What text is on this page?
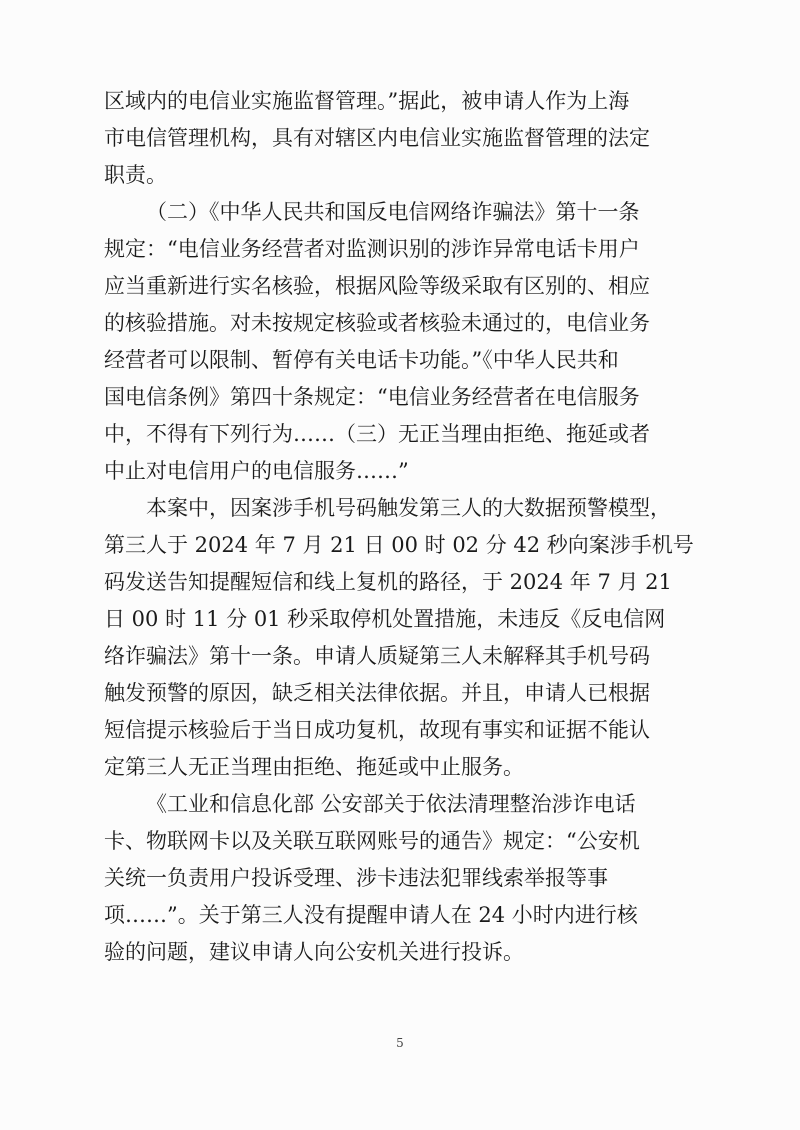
区域内的电信业实施监督管理。”据此，被申请人作为上海
市电信管理机构，具有对辖区内电信业实施监督管理的法定
职责。
（二）《中华人民共和国反电信网络诈骗法》第十一条
规定：“电信业务经营者对监测识别的涉诈异常电话卡用户
应当重新进行实名核验，根据风险等级采取有区别的、相应
的核验措施。对未按规定核验或者核验未通过的，电信业务
经营者可以限制、暂停有关电话卡功能。”《中华人民共和
国电信条例》第四十条规定：“电信业务经营者在电信服务
中，不得有下列行为……（三）无正当理由拒绝、拖延或者
中止对电信用户的电信服务……”
本案中，因案涉手机号码触发第三人的大数据预警模型，
第三人于 2024 年 7 月 21 日 00 时 02 分 42 秒向案涉手机号
码发送告知提醒短信和线上复机的路径，于 2024 年 7 月 21
日 00 时 11 分 01 秒采取停机处置措施，未违反《反电信网
络诈骗法》第十一条。申请人质疑第三人未解释其手机号码
触发预警的原因，缺乏相关法律依据。并且，申请人已根据
短信提示核验后于当日成功复机，故现有事实和证据不能认
定第三人无正当理由拒绝、拖延或中止服务。
《工业和信息化部 公安部关于依法清理整治涉诈电话
卡、物联网卡以及关联互联网账号的通告》规定：“公安机
关统一负责用户投诉受理、涉卡违法犯罪线索举报等事
项……”。关于第三人没有提醒申请人在 24 小时内进行核
验的问题，建议申请人向公安机关进行投诉。
5
